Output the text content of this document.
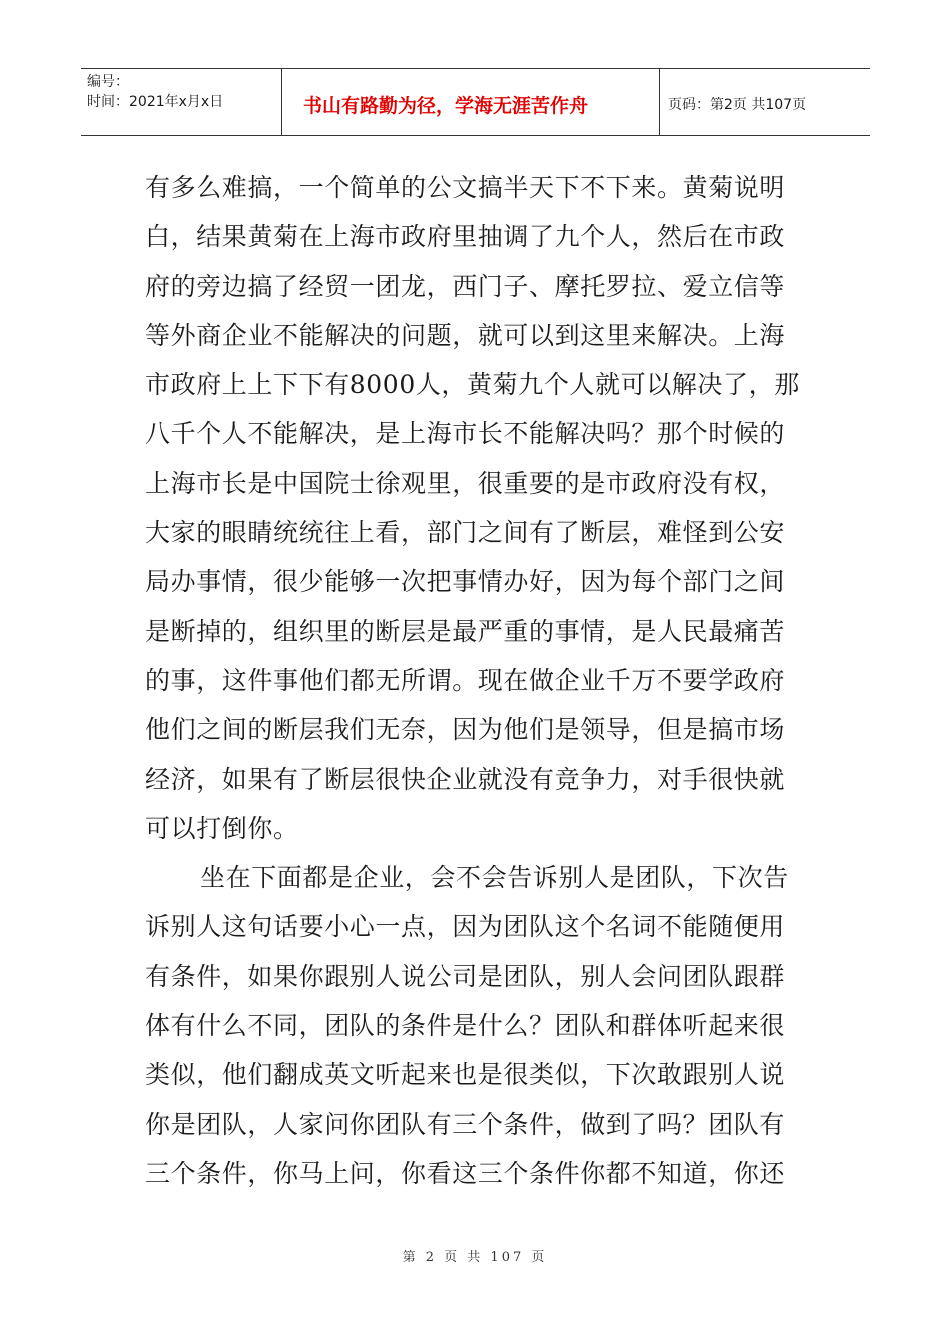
编号：
时间：2021年x月x日	书山有路勤为径，学海无涯苦作舟	页码：第2页 共107页
有多么难搞，一个简单的公文搞半天下不下来。黄菊说明
白，结果黄菊在上海市政府里抽调了九个人，然后在市政
府的旁边搞了经贸一团龙，西门子、摩托罗拉、爱立信等
等外商企业不能解决的问题，就可以到这里来解决。上海
市政府上上下下有8000人，黄菊九个人就可以解决了，那
八千个人不能解决，是上海市长不能解决吗？那个时候的
上海市长是中国院士徐观里，很重要的是市政府没有权，
大家的眼睛统统往上看，部门之间有了断层，难怪到公安
局办事情，很少能够一次把事情办好，因为每个部门之间
是断掉的，组织里的断层是最严重的事情，是人民最痛苦
的事，这件事他们都无所谓。现在做企业千万不要学政府
他们之间的断层我们无奈，因为他们是领导，但是搞市场
经济，如果有了断层很快企业就没有竞争力，对手很快就
可以打倒你。
坐在下面都是企业，会不会告诉别人是团队，下次告
诉别人这句话要小心一点，因为团队这个名词不能随便用
有条件，如果你跟别人说公司是团队，别人会问团队跟群
体有什么不同，团队的条件是什么？团队和群体听起来很
类似，他们翻成英文听起来也是很类似，下次敢跟别人说
你是团队，人家问你团队有三个条件，做到了吗？团队有
三个条件，你马上问，你看这三个条件你都不知道，你还
第 2 页 共 107 页
